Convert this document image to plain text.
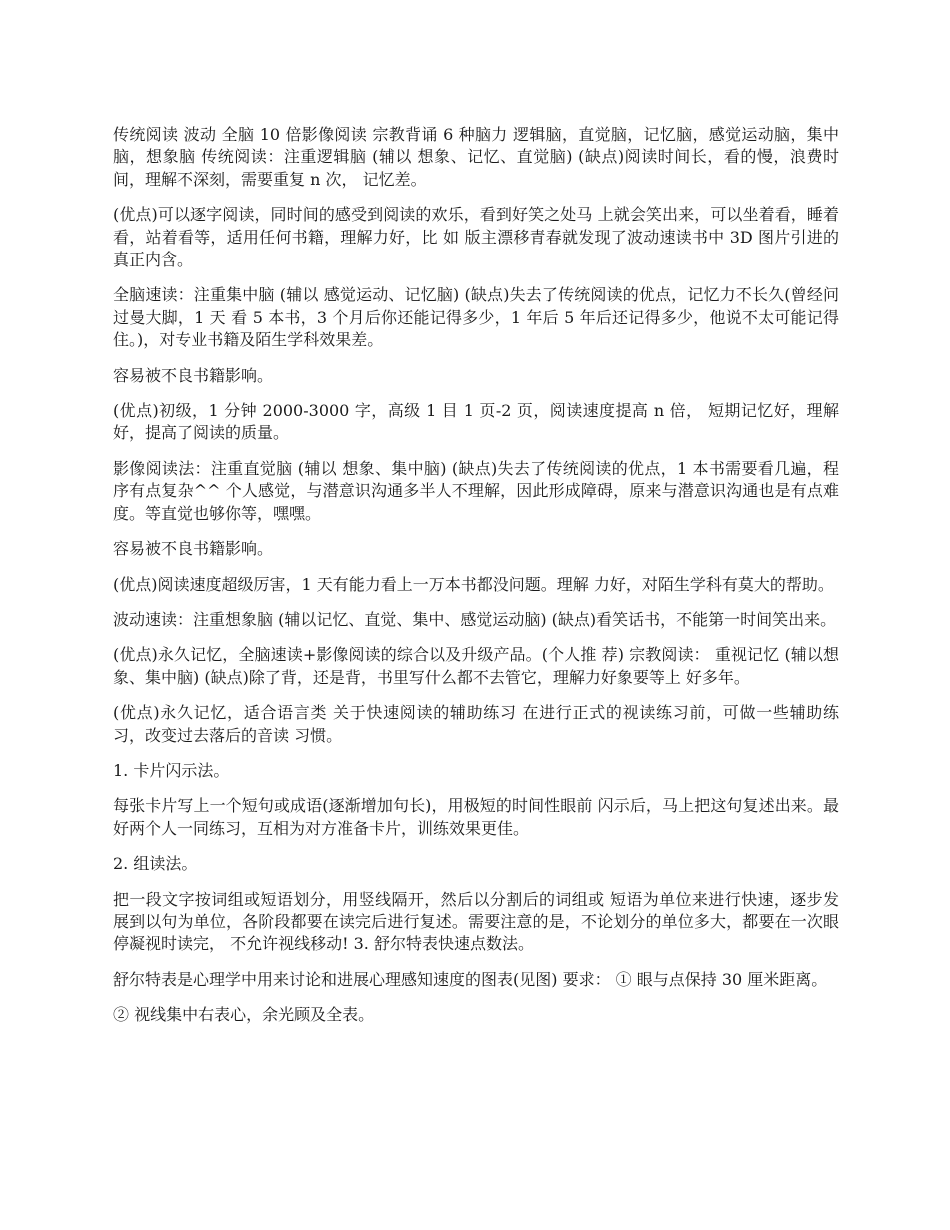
传统阅读 波动 全脑 10 倍影像阅读 宗教背诵 6 种脑力 逻辑脑，直觉脑，记忆脑，感觉运动脑，集中脑，想象脑 传统阅读：注重逻辑脑 (辅以 想象、记忆、直觉脑) (缺点)阅读时间长，看的慢，浪费时间，理解不深刻，需要重复 n 次， 记忆差。

(优点)可以逐字阅读，同时间的感受到阅读的欢乐，看到好笑之处马 上就会笑出来，可以坐着看，睡着看，站着看等，适用任何书籍，理解力好，比 如 版主漂移青春就发现了波动速读书中 3D 图片引进的真正内含。

全脑速读：注重集中脑 (辅以 感觉运动、记忆脑) (缺点)失去了传统阅读的优点，记忆力不长久(曾经问过曼大脚，1 天 看 5 本书，3 个月后你还能记得多少，1 年后 5 年后还记得多少，他说不太可能记得 住。)，对专业书籍及陌生学科效果差。

容易被不良书籍影响。

(优点)初级，1 分钟 2000-3000 字，高级 1 目 1 页-2 页，阅读速度提高 n 倍， 短期记忆好，理解好，提高了阅读的质量。

影像阅读法：注重直觉脑 (辅以 想象、集中脑) (缺点)失去了传统阅读的优点，1 本书需要看几遍，程序有点复杂^^ 个人感觉，与潜意识沟通多半人不理解，因此形成障碍，原来与潜意识沟通也是有点难度。等直觉也够你等，嘿嘿。

容易被不良书籍影响。

(优点)阅读速度超级厉害，1 天有能力看上一万本书都没问题。理解 力好，对陌生学科有莫大的帮助。

波动速读：注重想象脑 (辅以记忆、直觉、集中、感觉运动脑) (缺点)看笑话书，不能第一时间笑出来。

(优点)永久记忆，全脑速读+影像阅读的综合以及升级产品。(个人推 荐) 宗教阅读： 重视记忆 (辅以想象、集中脑) (缺点)除了背，还是背，书里写什么都不去管它，理解力好象要等上 好多年。

(优点)永久记忆，适合语言类 关于快速阅读的辅助练习 在进行正式的视读练习前，可做一些辅助练习，改变过去落后的音读 习惯。

1. 卡片闪示法。

每张卡片写上一个短句或成语(逐渐增加句长)，用极短的时间性眼前 闪示后，马上把这句复述出来。最 好两个人一同练习，互相为对方准备卡片，训练效果更佳。

2. 组读法。

把一段文字按词组或短语划分，用竖线隔开，然后以分割后的词组或 短语为单位来进行快速，逐步发 展到以句为单位，各阶段都要在读完后进行复述。需要注意的是，不论划分的单位多大，都要在一次眼停凝视时读完， 不允许视线移动! 3. 舒尔特表快速点数法。

舒尔特表是心理学中用来讨论和进展心理感知速度的图表(见图) 要求： ① 眼与点保持 30 厘米距离。

② 视线集中右表心，余光顾及全表。
